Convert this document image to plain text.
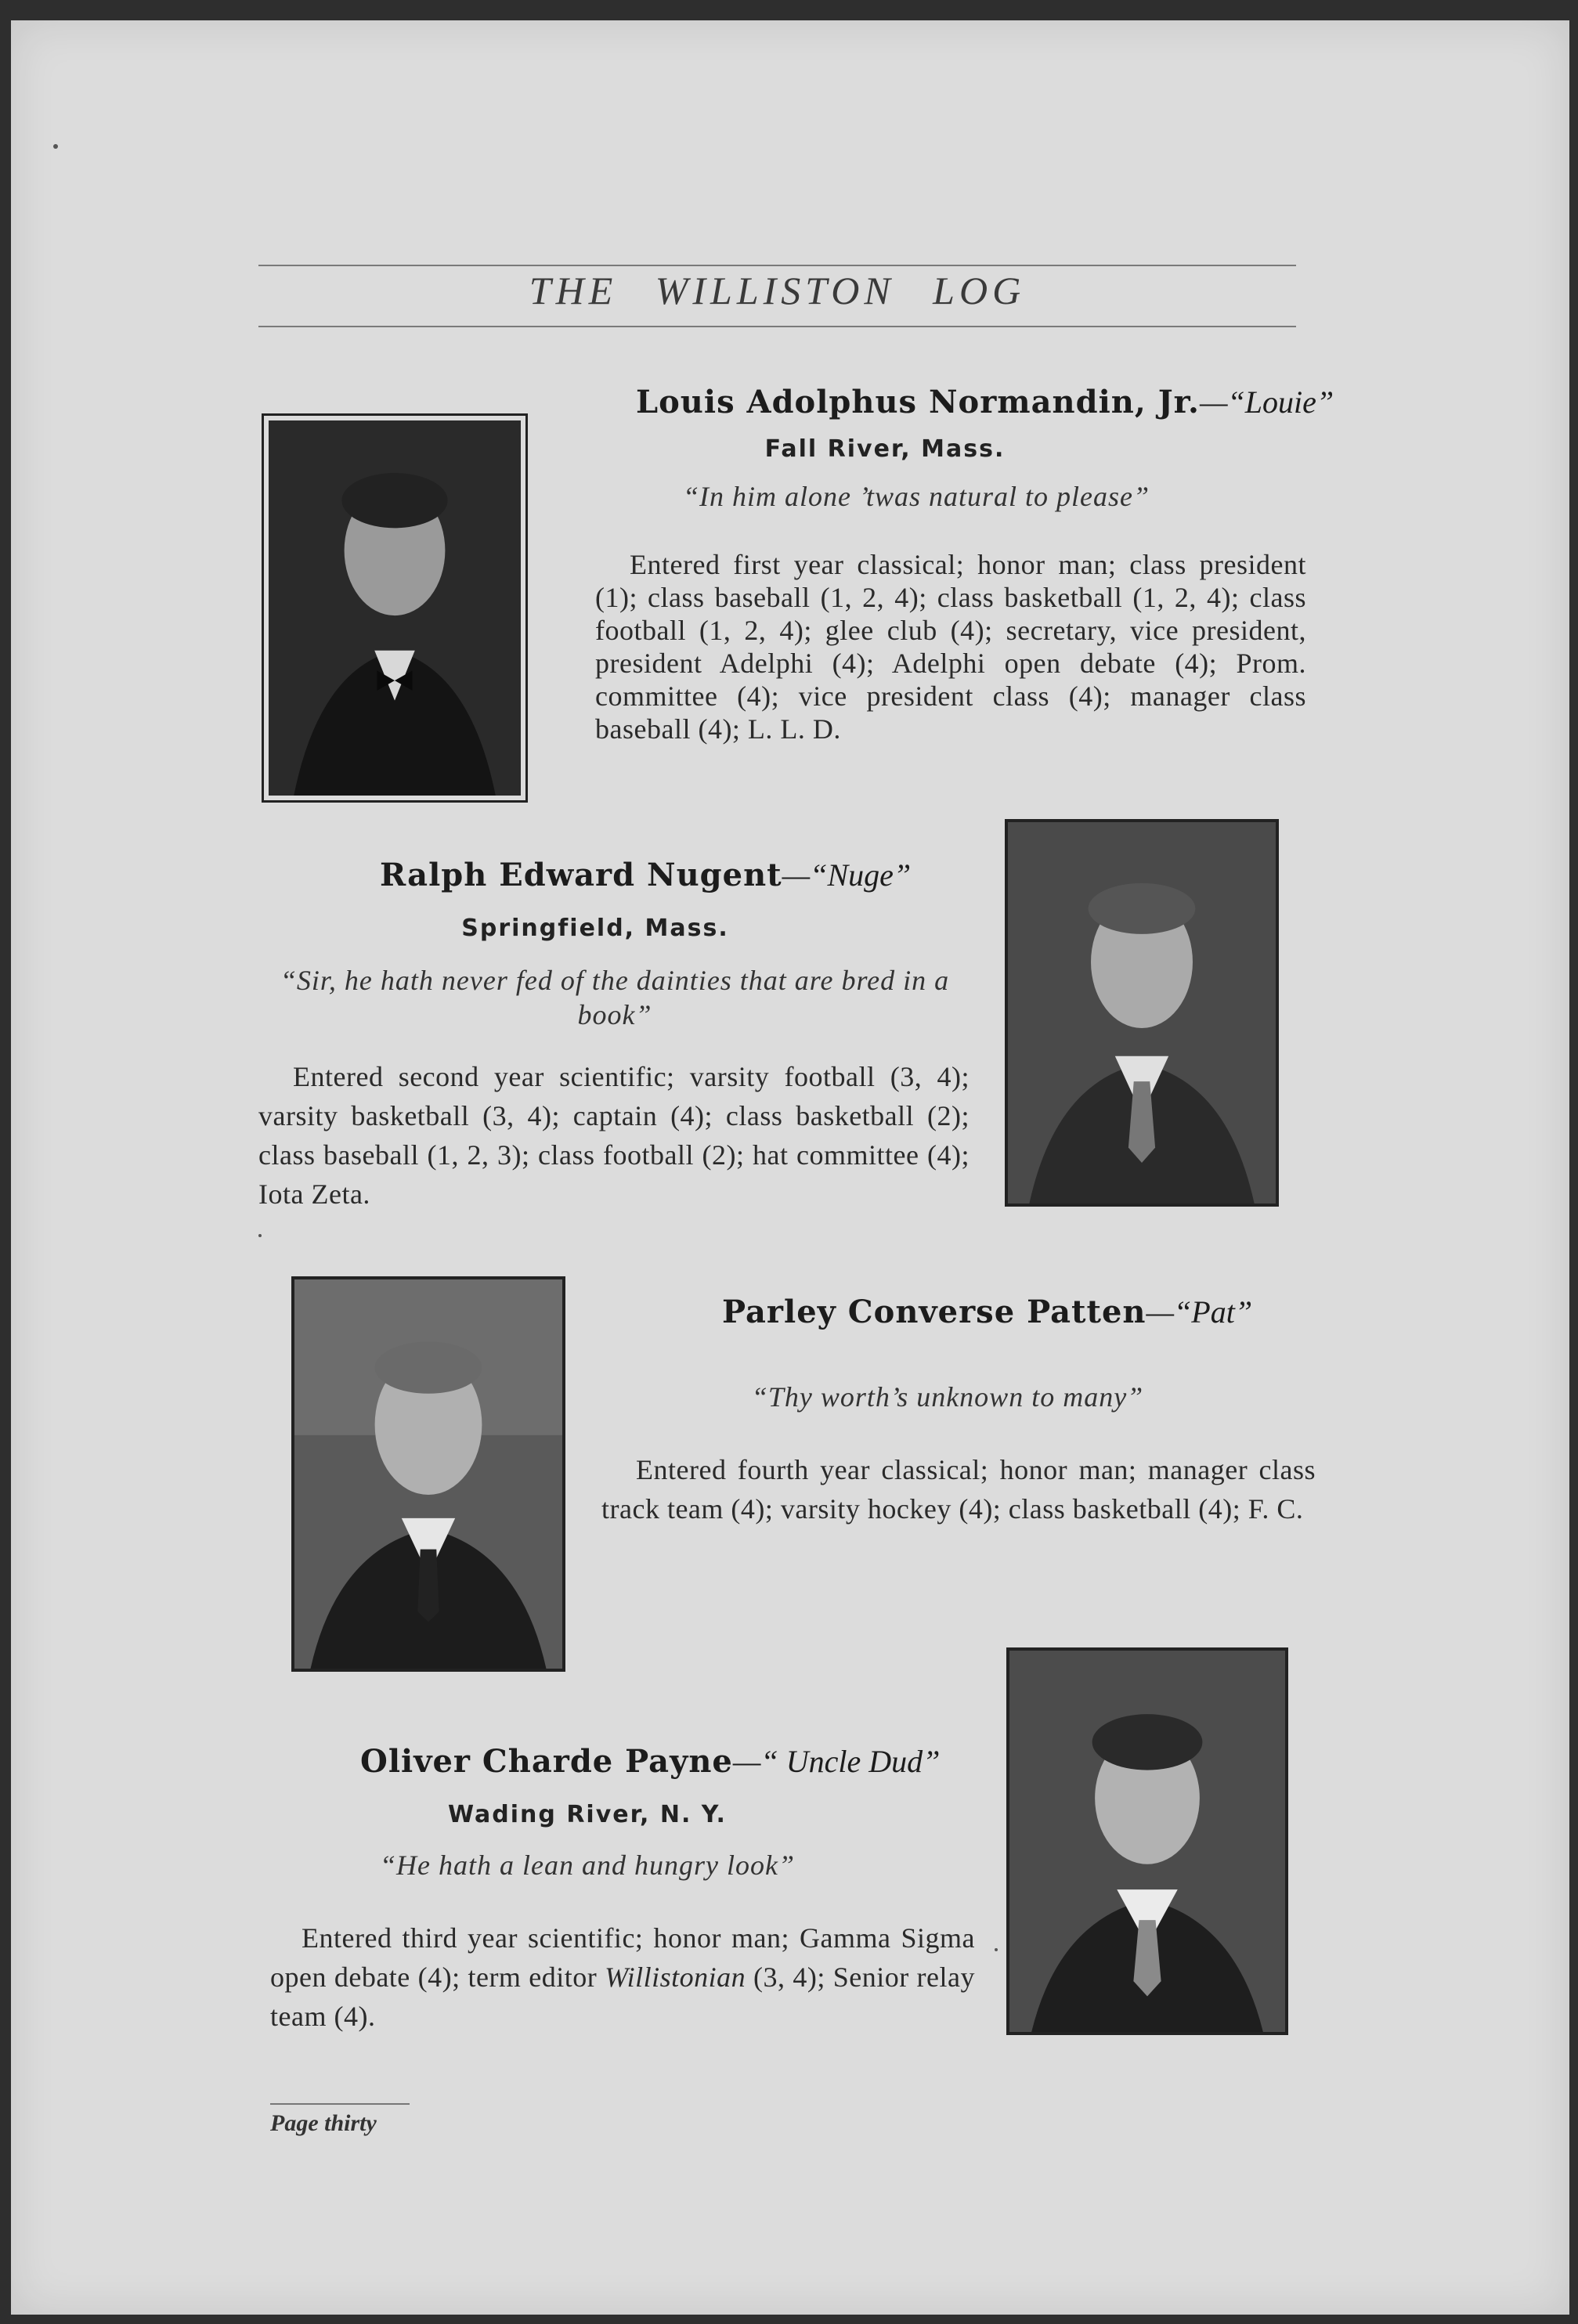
THE WILLISTON LOG
Louis Adolphus Normandin, Jr.—“Louie”
Fall River, Mass.
“In him alone ’twas natural to please”
Entered first year classical; honor man; class president (1); class baseball (1, 2, 4); class basketball (1, 2, 4); class football (1, 2, 4); glee club (4); secretary, vice president, president Adelphi (4); Adelphi open debate (4); Prom. committee (4); vice president class (4); manager class baseball (4); L. L. D.
Ralph Edward Nugent—“Nuge”
Springfield, Mass.
“Sir, he hath never fed of the dainties that are bred in a book”
Entered second year scientific; varsity football (3, 4); varsity basketball (3, 4); captain (4); class basketball (2); class baseball (1, 2, 3); class football (2); hat committee (4); Iota Zeta.
Parley Converse Patten—“Pat”
“Thy worth’s unknown to many”
Entered fourth year classical; honor man; manager class track team (4); varsity hockey (4); class basketball (4); F. C.
Oliver Charde Payne—“ Uncle Dud”
Wading River, N. Y.
“He hath a lean and hungry look”
Entered third year scientific; honor man; Gamma Sigma open debate (4); term editor Willistonian (3, 4); Senior relay team (4).
Page thirty
